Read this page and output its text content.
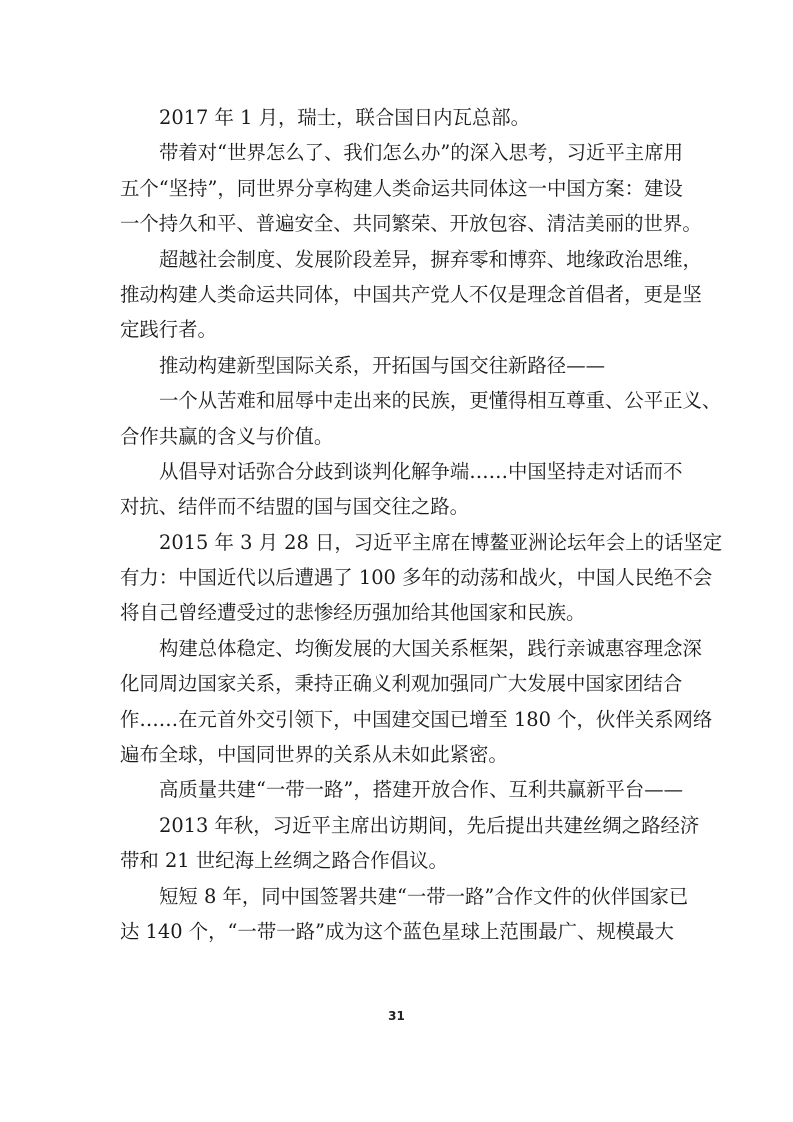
2017 年 1 月，瑞士，联合国日内瓦总部。
带着对“世界怎么了、我们怎么办”的深入思考，习近平主席用
五个“坚持”，同世界分享构建人类命运共同体这一中国方案：建设
一个持久和平、普遍安全、共同繁荣、开放包容、清洁美丽的世界。
超越社会制度、发展阶段差异，摒弃零和博弈、地缘政治思维，
推动构建人类命运共同体，中国共产党人不仅是理念首倡者，更是坚
定践行者。
推动构建新型国际关系，开拓国与国交往新路径——
一个从苦难和屈辱中走出来的民族，更懂得相互尊重、公平正义、
合作共赢的含义与价值。
从倡导对话弥合分歧到谈判化解争端……中国坚持走对话而不
对抗、结伴而不结盟的国与国交往之路。
2015 年 3 月 28 日，习近平主席在博鳌亚洲论坛年会上的话坚定
有力：中国近代以后遭遇了 100 多年的动荡和战火，中国人民绝不会
将自己曾经遭受过的悲惨经历强加给其他国家和民族。
构建总体稳定、均衡发展的大国关系框架，践行亲诚惠容理念深
化同周边国家关系，秉持正确义利观加强同广大发展中国家团结合
作……在元首外交引领下，中国建交国已增至 180 个，伙伴关系网络
遍布全球，中国同世界的关系从未如此紧密。
高质量共建“一带一路”，搭建开放合作、互利共赢新平台——
2013 年秋，习近平主席出访期间，先后提出共建丝绸之路经济
带和 21 世纪海上丝绸之路合作倡议。
短短 8 年，同中国签署共建“一带一路”合作文件的伙伴国家已
达 140 个，“一带一路”成为这个蓝色星球上范围最广、规模最大
31
